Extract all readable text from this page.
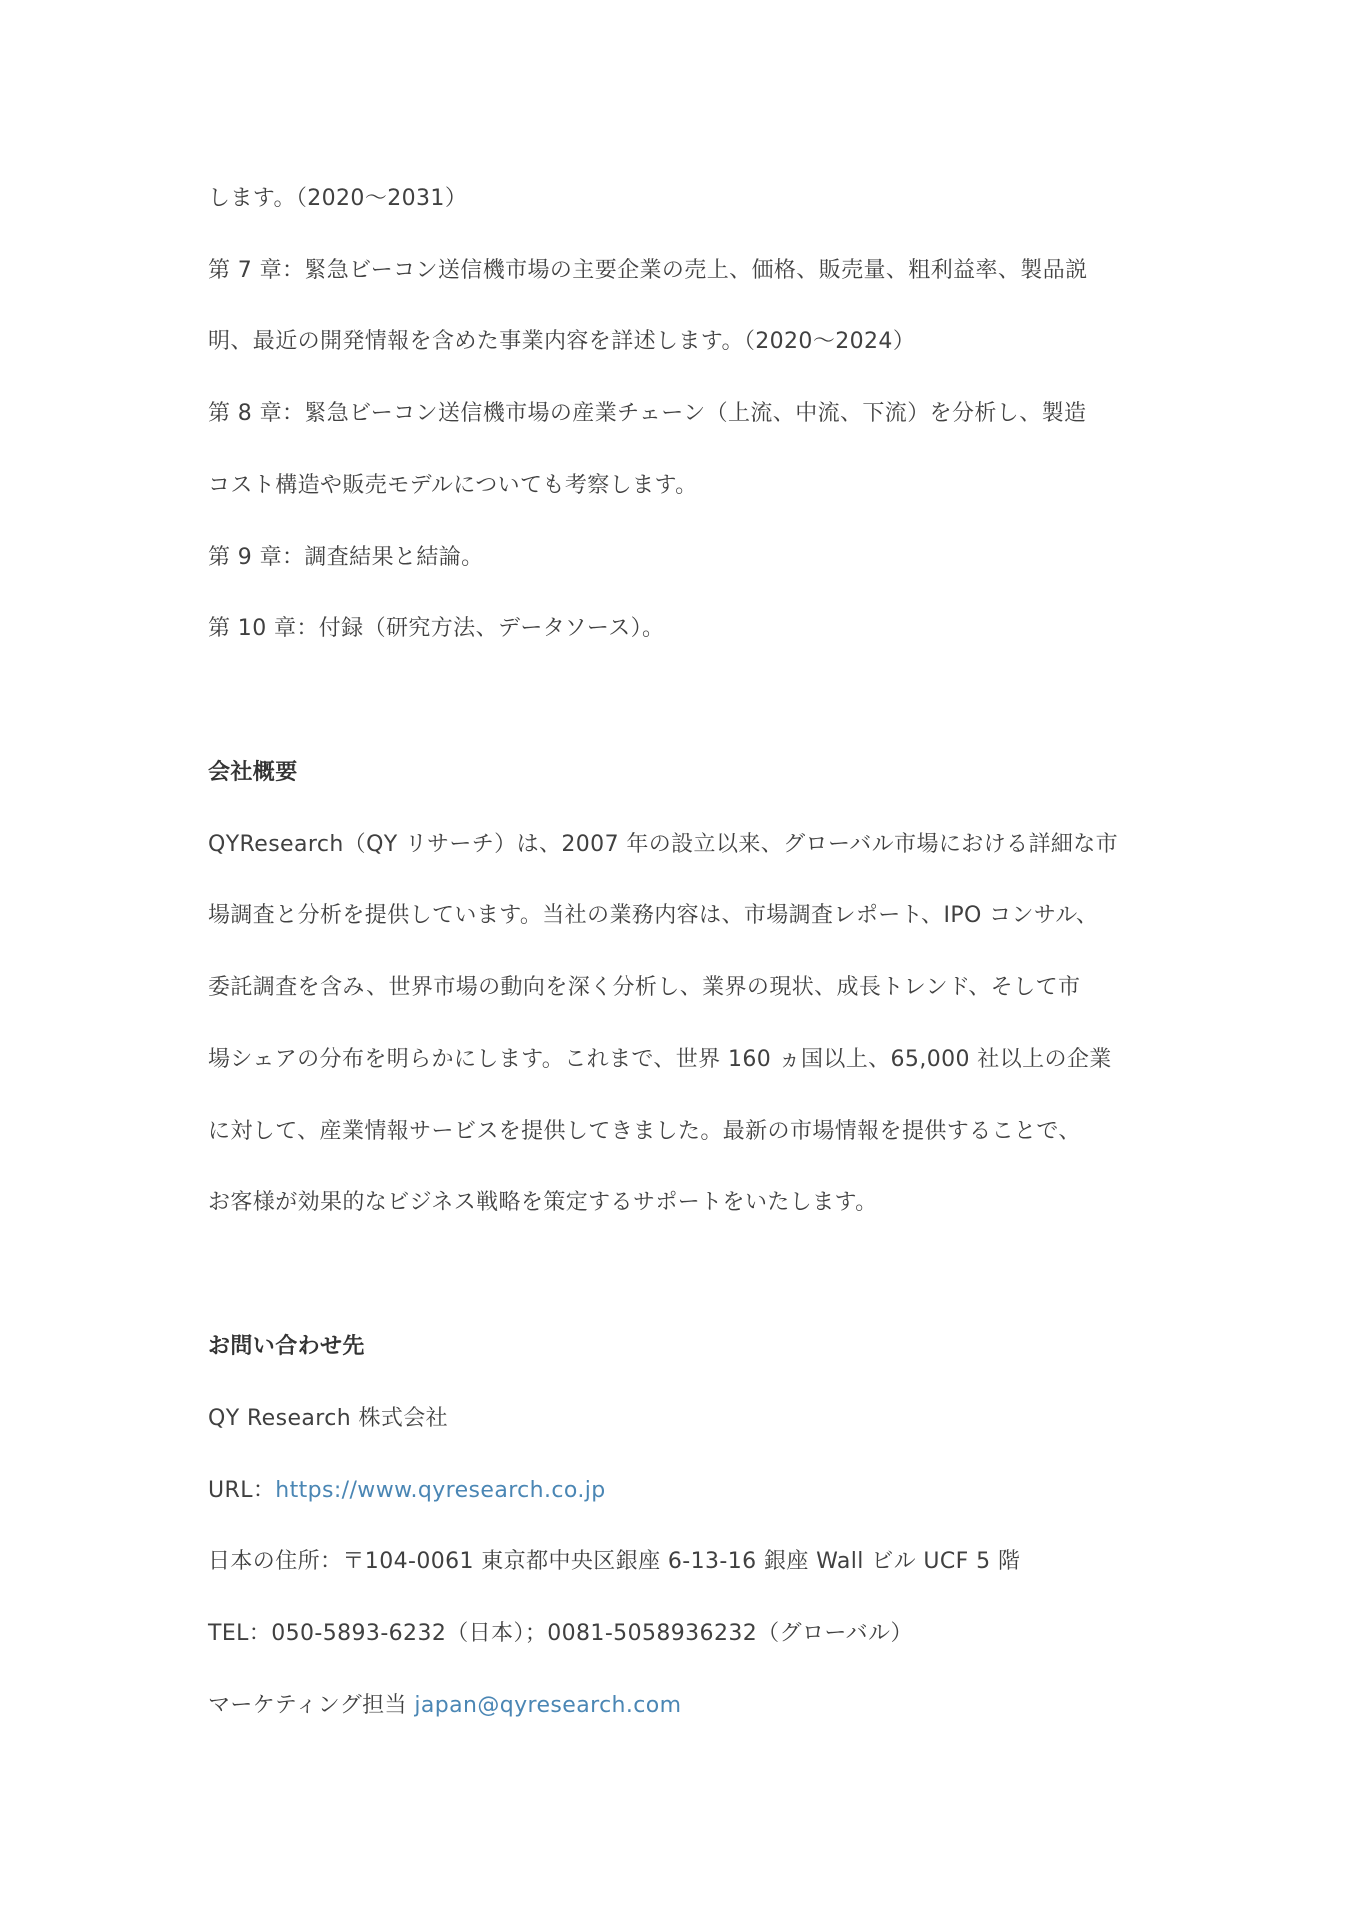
します。（2020～2031）
第 7 章：緊急ビーコン送信機市場の主要企業の売上、価格、販売量、粗利益率、製品説
明、最近の開発情報を含めた事業内容を詳述します。（2020～2024）
第 8 章：緊急ビーコン送信機市場の産業チェーン（上流、中流、下流）を分析し、製造
コスト構造や販売モデルについても考察します。
第 9 章：調査結果と結論。
第 10 章：付録（研究方法、データソース）。
会社概要
QYResearch（QY リサーチ）は、2007 年の設立以来、グローバル市場における詳細な市
場調査と分析を提供しています。当社の業務内容は、市場調査レポート、IPO コンサル、
委託調査を含み、世界市場の動向を深く分析し、業界の現状、成長トレンド、そして市
場シェアの分布を明らかにします。これまで、世界 160 ヵ国以上、65,000 社以上の企業
に対して、産業情報サービスを提供してきました。最新の市場情報を提供することで、
お客様が効果的なビジネス戦略を策定するサポートをいたします。
お問い合わせ先
QY Research 株式会社
URL：https://www.qyresearch.co.jp
日本の住所：〒104-0061 東京都中央区銀座 6-13-16 銀座 Wall ビル UCF 5 階
TEL：050-5893-6232（日本）；0081-5058936232（グローバル）
マーケティング担当 japan@qyresearch.com
